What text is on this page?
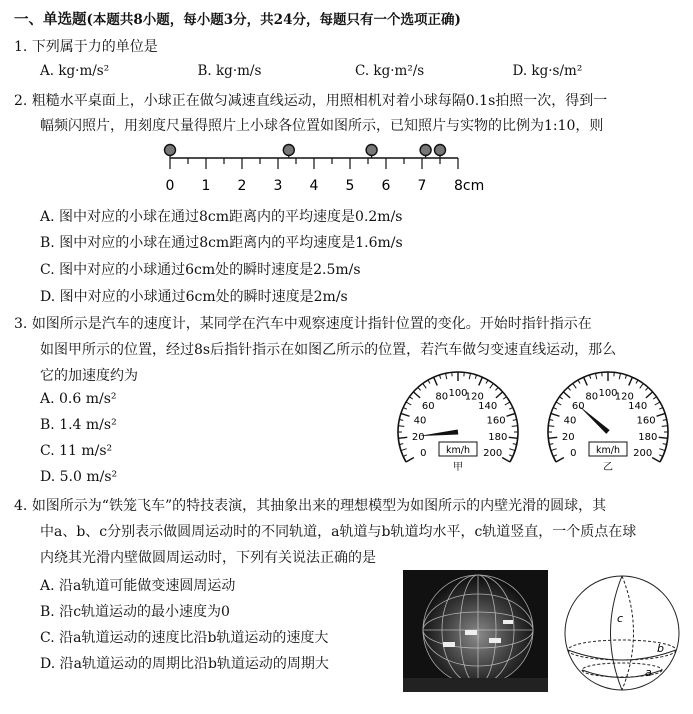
一、单选题(本题共8小题，每小题3分，共24分，每题只有一个选项正确)
1. 下列属于力的单位是
A. kg·m/s²	B. kg·m/s	C. kg·m²/s	D. kg·s/m²
2. 粗糙水平桌面上，小球正在做匀减速直线运动，用照相机对着小球每隔0.1s拍照一次，得到一
幅频闪照片，用刻度尺量得照片上小球各位置如图所示，已知照片与实物的比例为1:10，则
0 1 2 3 4 5 6 7 8cm
A. 图中对应的小球在通过8cm距离内的平均速度是0.2m/s
B. 图中对应的小球在通过8cm距离内的平均速度是1.6m/s
C. 图中对应的小球通过6cm处的瞬时速度是2.5m/s
D. 图中对应的小球通过6cm处的瞬时速度是2m/s
3. 如图所示是汽车的速度计，某同学在汽车中观察速度计指针位置的变化。开始时指针指示在
如图甲所示的位置，经过8s后指针指示在如图乙所示的位置，若汽车做匀变速直线运动，那么
它的加速度约为
A. 0.6 m/s²
B. 1.4 m/s²
C. 11 m/s²
D. 5.0 m/s²
0
20
40
60
80 100
120
140
160
180
200
km/h
甲
0
20
40
60
80 100
120
140
160
180
200
km/h
乙
4. 如图所示为“铁笼飞车”的特技表演，其抽象出来的理想模型为如图所示的内壁光滑的圆球，其
中a、b、c分别表示做圆周运动时的不同轨道，a轨道与b轨道均水平，c轨道竖直，一个质点在球
内绕其光滑内壁做圆周运动时，下列有关说法正确的是
A. 沿a轨道可能做变速圆周运动
B. 沿c轨道运动的最小速度为0
C. 沿a轨道运动的速度比沿b轨道运动的速度大
D. 沿a轨道运动的周期比沿b轨道运动的周期大
c
b
a
